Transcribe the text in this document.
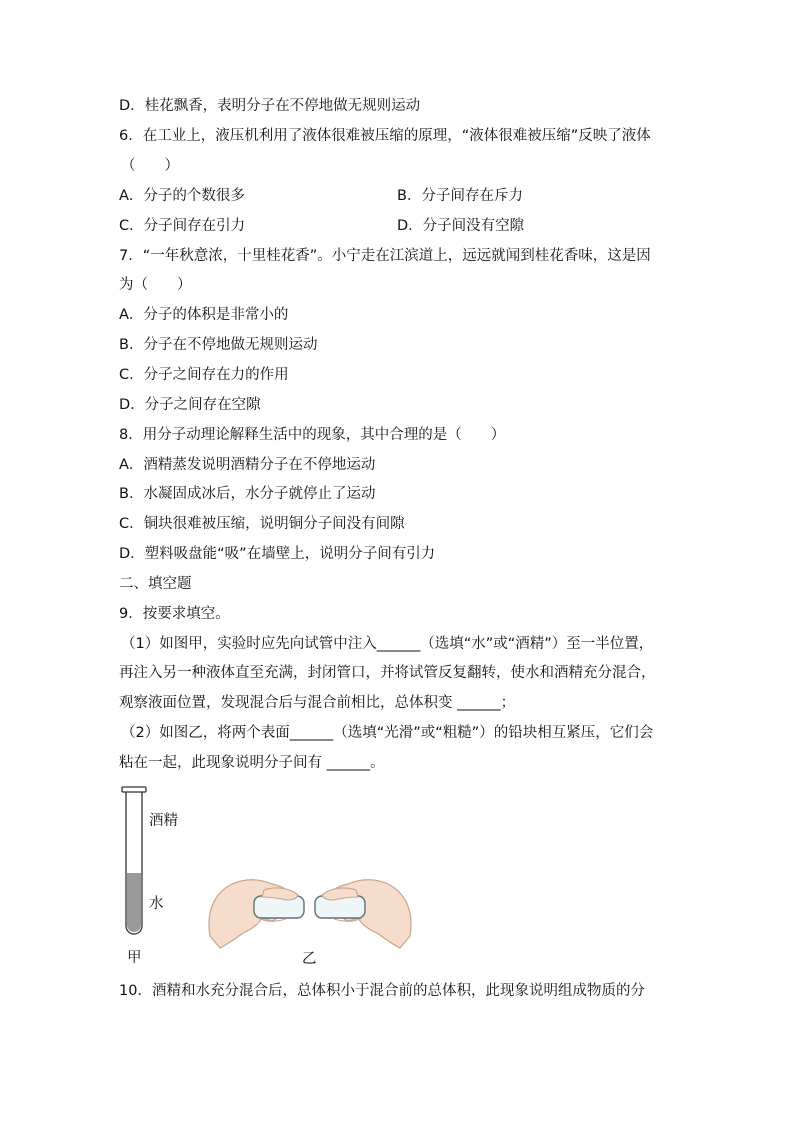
D．桂花飘香，表明分子在不停地做无规则运动
6．在工业上，液压机利用了液体很难被压缩的原理，“液体很难被压缩”反映了液体
（　　）
A．分子的个数很多	B．分子间存在斥力
C．分子间存在引力	D．分子间没有空隙
7．“一年秋意浓，十里桂花香”。小宁走在江滨道上，远远就闻到桂花香味，这是因
为（　　）
A．分子的体积是非常小的
B．分子在不停地做无规则运动
C．分子之间存在力的作用
D．分子之间存在空隙
8．用分子动理论解释生活中的现象，其中合理的是（　　）
A．酒精蒸发说明酒精分子在不停地运动
B．水凝固成冰后，水分子就停止了运动
C．铜块很难被压缩，说明铜分子间没有间隙
D．塑料吸盘能“吸”在墙壁上，说明分子间有引力
二、填空题
9．按要求填空。
（1）如图甲，实验时应先向试管中注入______（选填“水”或“酒精”）至一半位置，
再注入另一种液体直至充满，封闭管口，并将试管反复翻转，使水和酒精充分混合，
观察液面位置，发现混合后与混合前相比，总体积变 ______；
（2）如图乙，将两个表面______（选填“光滑”或“粗糙”）的铅块相互紧压，它们会
粘在一起，此现象说明分子间有 ______。
酒精
水
甲	乙
10．酒精和水充分混合后，总体积小于混合前的总体积，此现象说明组成物质的分
